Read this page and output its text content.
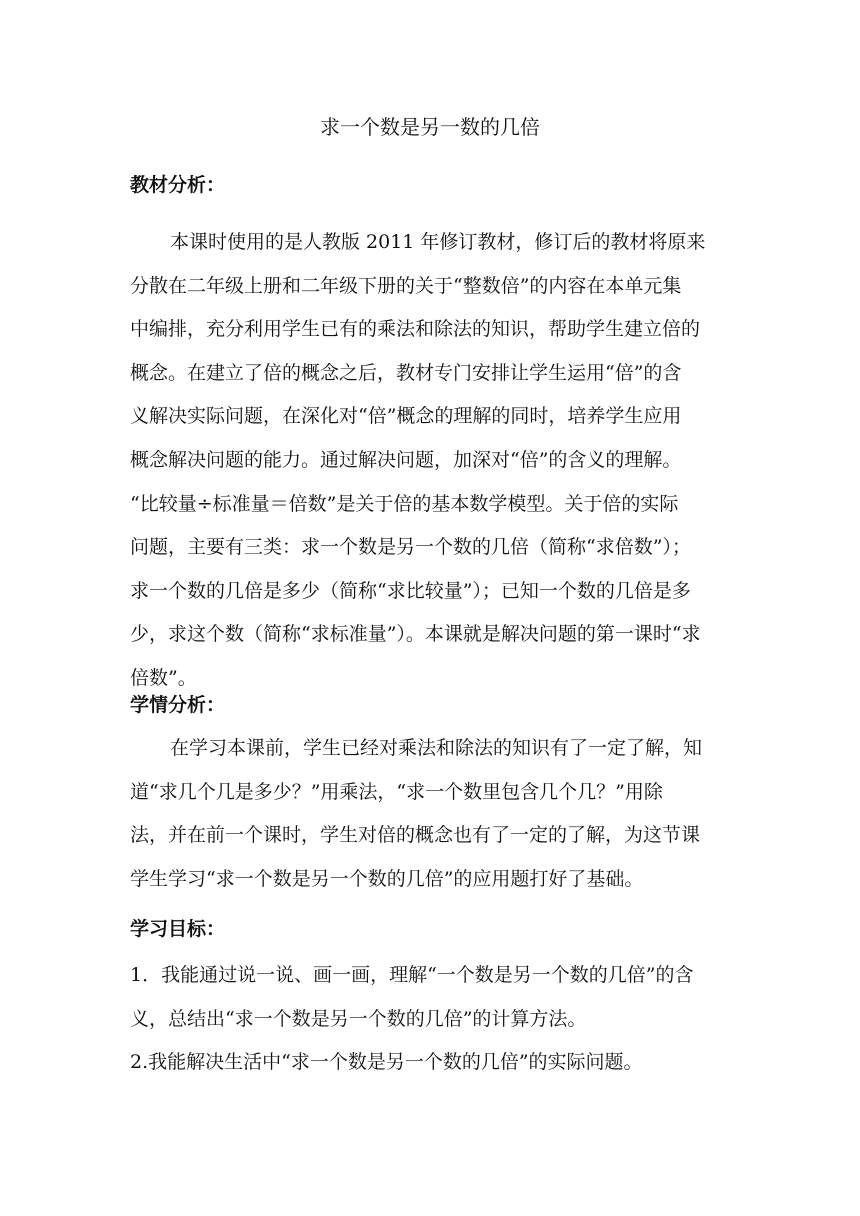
求一个数是另一数的几倍
教材分析：
本课时使用的是人教版 2011 年修订教材，修订后的教材将原来
分散在二年级上册和二年级下册的关于“整数倍”的内容在本单元集
中编排，充分利用学生已有的乘法和除法的知识，帮助学生建立倍的
概念。在建立了倍的概念之后，教材专门安排让学生运用“倍”的含
义解决实际问题，在深化对“倍”概念的理解的同时，培养学生应用
概念解决问题的能力。通过解决问题，加深对“倍”的含义的理解。
“比较量÷标准量＝倍数”是关于倍的基本数学模型。关于倍的实际
问题，主要有三类：求一个数是另一个数的几倍（简称“求倍数”）；
求一个数的几倍是多少（简称“求比较量”）；已知一个数的几倍是多
少，求这个数（简称“求标准量”）。本课就是解决问题的第一课时“求
倍数”。
学情分析：
在学习本课前，学生已经对乘法和除法的知识有了一定了解，知
道“求几个几是多少？”用乘法，“求一个数里包含几个几？”用除
法，并在前一个课时，学生对倍的概念也有了一定的了解，为这节课
学生学习“求一个数是另一个数的几倍”的应用题打好了基础。
学习目标：
1．我能通过说一说、画一画，理解“一个数是另一个数的几倍”的含
义，总结出“求一个数是另一个数的几倍”的计算方法。
2.我能解决生活中“求一个数是另一个数的几倍”的实际问题。
